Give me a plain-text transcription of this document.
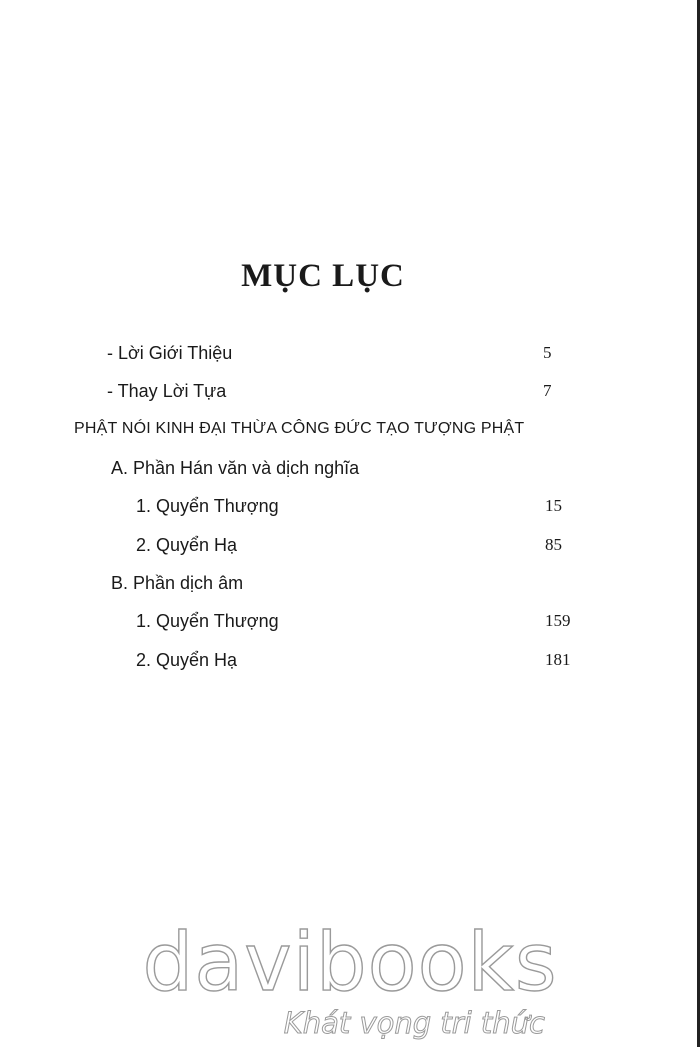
MỤC LỤC
- Lời Giới Thiệu	5
- Thay Lời Tựa	7
PHẬT NÓI KINH ĐẠI THỪA CÔNG ĐỨC TẠO TƯỢNG PHẬT
A. Phần Hán văn và dịch nghĩa
1. Quyển Thượng	15
2. Quyển Hạ	85
B. Phần dịch âm
1. Quyển Thượng	159
2. Quyển Hạ	181
davibooks
Khát vọng tri thức
